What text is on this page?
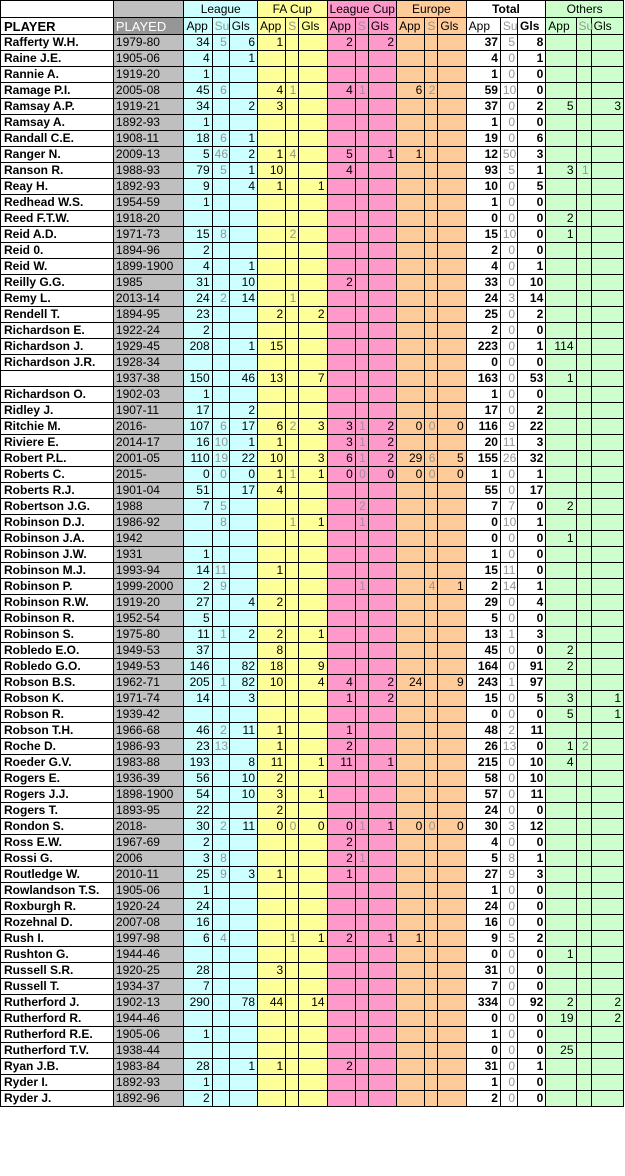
		League			FA Cup			League Cup			Europe			Total			Others		
PLAYER	PLAYED	App	Su	Gls	App	S	Gls	App	S	Gls	App	S	Gls	App	Su	Gls	App	Su	Gls
Rafferty W.H.	1979-80	34	5	6	1			2		2				37	5	8			
Raine J.E.	1905-06	4		1										4	0	1			
Rannie A.	1919-20	1												1	0	0			
Ramage P.I.	2005-08	45	6		4	1		4	1		6	2		59	10	0			
Ramsay A.P.	1919-21	34		2	3									37	0	2	5		3
Ramsay A.	1892-93	1												1	0	0			
Randall C.E.	1908-11	18	6	1										19	0	6			
Ranger N.	2009-13	5	46	2	1	4		5		1	1			12	50	3			
Ranson R.	1988-93	79	5	1	10			4						93	5	1	3	1	
Reay H.	1892-93	9		4	1		1							10	0	5			
Redhead W.S.	1954-59	1												1	0	0			
Reed F.T.W.	1918-20													0	0	0	2		
Reid A.D.	1971-73	15	8			2								15	10	0	1		
Reid 0.	1894-96	2												2	0	0			
Reid W.	1899-1900	4		1										4	0	1			
Reilly G.G.	1985	31		10				2						33	0	10			
Remy L.	2013-14	24	2	14		1								24	3	14			
Rendell T.	1894-95	23			2		2							25	0	2			
Richardson E.	1922-24	2												2	0	0			
Richardson J.	1929-45	208		1	15									223	0	1	114		
Richardson J.R.	1928-34													0	0	0			
	1937-38	150		46	13		7							163	0	53	1		
Richardson O.	1902-03	1												1	0	0			
Ridley J.	1907-11	17		2										17	0	2			
Ritchie M.	2016-	107	6	17	6	2	3	3	1	2	0	0	0	116	9	22			
Riviere E.	2014-17	16	10	1	1			3	1	2				20	11	3			
Robert P.L.	2001-05	110	19	22	10		3	6	1	2	29	6	5	155	26	32			
Roberts C.	2015-	0	0	0	1	1	1	0	0	0	0	0	0	1	0	1			
Roberts R.J.	1901-04	51		17	4									55	0	17			
Robertson J.G.	1988	7	5						2					7	7	0	2		
Robinson D.J.	1986-92		8			1	1		1					0	10	1			
Robinson J.A.	1942													0	0	0	1		
Robinson J.W.	1931	1												1	0	0			
Robinson M.J.	1993-94	14	11		1									15	11	0			
Robinson P.	1999-2000	2	9						1			4	1	2	14	1			
Robinson R.W.	1919-20	27		4	2									29	0	4			
Robinson R.	1952-54	5												5	0	0			
Robinson S.	1975-80	11	1	2	2		1							13	1	3			
Robledo E.O.	1949-53	37			8									45	0	0	2		
Robledo G.O.	1949-53	146		82	18		9							164	0	91	2		
Robson B.S.	1962-71	205	1	82	10		4	4		2	24		9	243	1	97			
Robson K.	1971-74	14		3				1		2				15	0	5	3		1
Robson R.	1939-42													0	0	0	5		1
Robson T.H.	1966-68	46	2	11	1			1						48	2	11			
Roche D.	1986-93	23	13		1			2						26	13	0	1	2	
Roeder G.V.	1983-88	193		8	11		1	11		1				215	0	10	4		
Rogers E.	1936-39	56		10	2									58	0	10			
Rogers J.J.	1898-1900	54		10	3		1							57	0	11			
Rogers T.	1893-95	22			2									24	0	0			
Rondon S.	2018-	30	2	11	0	0	0	0	1	1	0	0	0	30	3	12			
Ross E.W.	1967-69	2						2						4	0	0			
Rossi G.	2006	3	8					2	1					5	8	1			
Routledge W.	2010-11	25	9	3	1			1						27	9	3			
Rowlandson T.S.	1905-06	1												1	0	0			
Roxburgh R.	1920-24	24												24	0	0			
Rozehnal D.	2007-08	16												16	0	0			
Rush I.	1997-98	6	4			1	1	2		1	1			9	5	2			
Rushton G.	1944-46													0	0	0	1		
Russell S.R.	1920-25	28			3									31	0	0			
Russell T.	1934-37	7												7	0	0			
Rutherford J.	1902-13	290		78	44		14							334	0	92	2		2
Rutherford R.	1944-46													0	0	0	19		2
Rutherford R.E.	1905-06	1												1	0	0			
Rutherford T.V.	1938-44													0	0	0	25		
Ryan J.B.	1983-84	28		1	1			2						31	0	1			
Ryder I.	1892-93	1												1	0	0			
Ryder J.	1892-96	2												2	0	0			
